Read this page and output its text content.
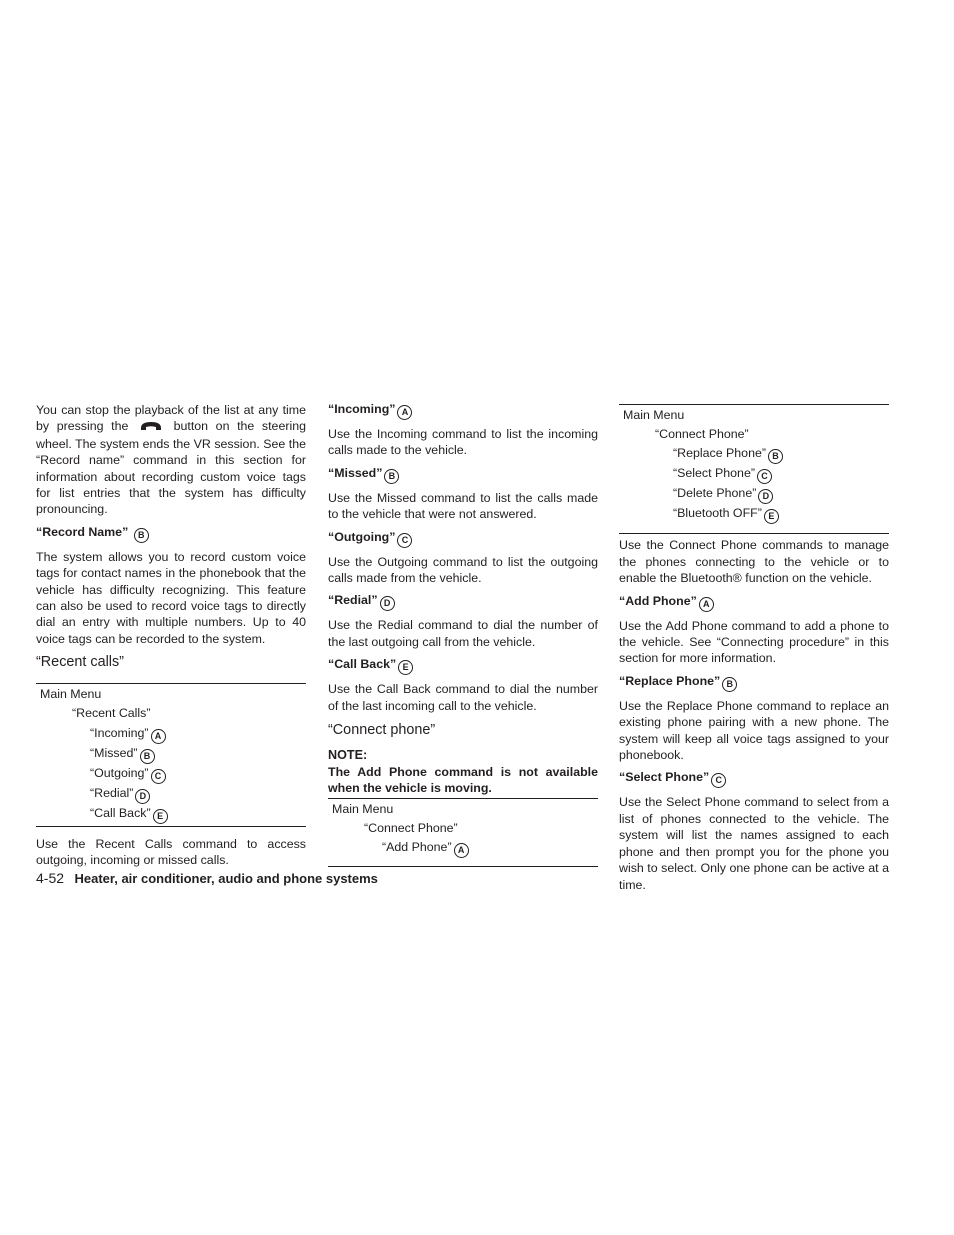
You can stop the playback of the list at any time by pressing the	button on the steering wheel. The system ends the VR session. See the “Record name” command in this section for information about recording custom voice tags for list entries that the system has difficulty pronouncing.

“Record Name” B

The system allows you to record custom voice tags for contact names in the phonebook that the vehicle has difficulty recognizing. This feature can also be used to record voice tags to directly dial an entry with multiple numbers. Up to 40 voice tags can be recorded to the system.

“Recent calls”
Main Menu
“Recent Calls”
“Incoming” A
“Missed” B
“Outgoing” C
“Redial” D
“Call Back” E

Use the Recent Calls command to access outgoing, incoming or missed calls.

“Incoming” A

Use the Incoming command to list the incoming calls made to the vehicle.

“Missed” B

Use the Missed command to list the calls made to the vehicle that were not answered.

“Outgoing” C

Use the Outgoing command to list the outgoing calls made from the vehicle.

“Redial” D

Use the Redial command to dial the number of the last outgoing call from the vehicle.

“Call Back” E

Use the Call Back command to dial the number of the last incoming call to the vehicle.

“Connect phone”
NOTE:

The Add Phone command is not available when the vehicle is moving.

Main Menu
“Connect Phone”
“Add Phone” A
Main Menu
“Connect Phone”
“Replace Phone” B
“Select Phone” C
“Delete Phone” D
“Bluetooth OFF” E

Use the Connect Phone commands to manage the phones connecting to the vehicle or to enable the Bluetooth® function on the vehicle.

“Add Phone” A

Use the Add Phone command to add a phone to the vehicle. See “Connecting procedure” in this section for more information.

“Replace Phone” B

Use the Replace Phone command to replace an existing phone pairing with a new phone. The system will keep all voice tags assigned to your phonebook.

“Select Phone” C

Use the Select Phone command to select from a list of phones connected to the vehicle. The system will list the names assigned to each phone and then prompt you for the phone you wish to select. Only one phone can be active at a time.

4-52 Heater, air conditioner, audio and phone systems
